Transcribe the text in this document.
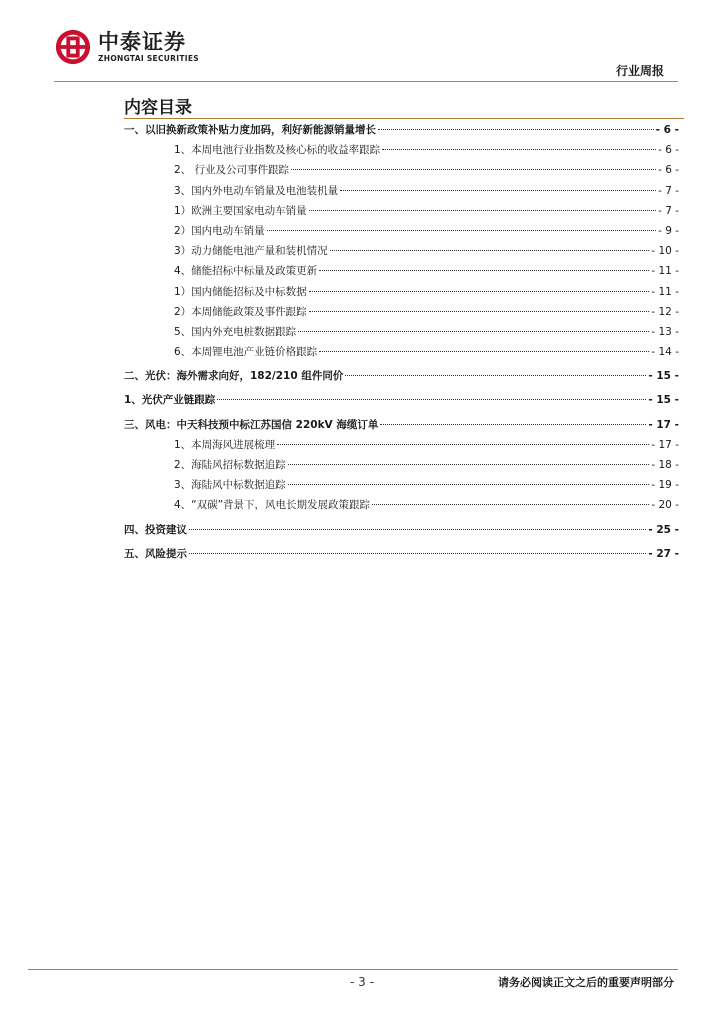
中泰证券
ZHONGTAI SECURITIES
行业周报
内容目录
一、以旧换新政策补贴力度加码，利好新能源销量增长	- 6 -
1、本周电池行业指数及核心标的收益率跟踪	- 6 -
2、 行业及公司事件跟踪	- 6 -
3、国内外电动车销量及电池装机量	- 7 -
1）欧洲主要国家电动车销量	- 7 -
2）国内电动车销量	- 9 -
3）动力储能电池产量和装机情况	- 10 -
4、储能招标中标量及政策更新	- 11 -
1）国内储能招标及中标数据	- 11 -
2）本周储能政策及事件跟踪	- 12 -
5、国内外充电桩数据跟踪	- 13 -
6、本周锂电池产业链价格跟踪	- 14 -
二、光伏：海外需求向好，182/210 组件同价	- 15 -
1、光伏产业链跟踪	- 15 -
三、风电：中天科技预中标江苏国信 220kV 海缆订单	- 17 -
1、本周海风进展梳理	- 17 -
2、海陆风招标数据追踪	- 18 -
3、海陆风中标数据追踪	- 19 -
4、“双碳”背景下，风电长期发展政策跟踪	- 20 -
四、投资建议	- 25 -
五、风险提示	- 27 -
- 3 -	请务必阅读正文之后的重要声明部分
